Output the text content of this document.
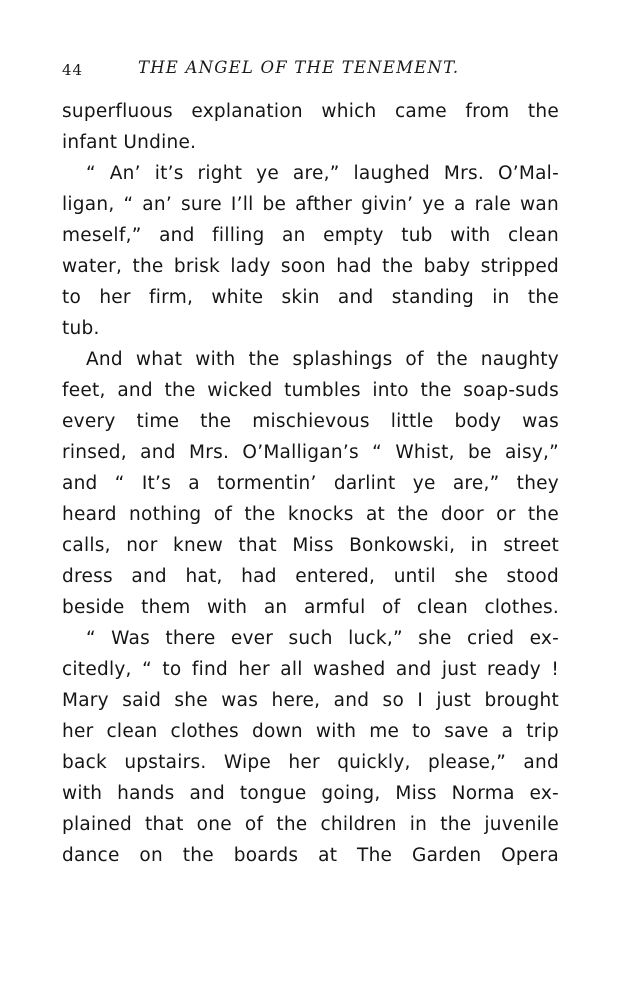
44	THE ANGEL OF THE TENEMENT.
superfluous explanation which came from the
infant Undine.
“ An’ it’s right ye are,” laughed Mrs. O’Mal-
ligan, “ an’ sure I’ll be afther givin’ ye a rale wan
meself,” and filling an empty tub with clean
water, the brisk lady soon had the baby stripped
to her firm, white skin and standing in the
tub.
And what with the splashings of the naughty
feet, and the wicked tumbles into the soap-suds
every time the mischievous little body was
rinsed, and Mrs. O’Malligan’s “ Whist, be aisy,”
and “ It’s a tormentin’ darlint ye are,” they
heard nothing of the knocks at the door or the
calls, nor knew that Miss Bonkowski, in street
dress and hat, had entered, until she stood
beside them with an armful of clean clothes.
“ Was there ever such luck,” she cried ex-
citedly, “ to find her all washed and just ready !
Mary said she was here, and so I just brought
her clean clothes down with me to save a trip
back upstairs. Wipe her quickly, please,” and
with hands and tongue going, Miss Norma ex-
plained that one of the children in the juvenile
dance on the boards at The Garden Opera
